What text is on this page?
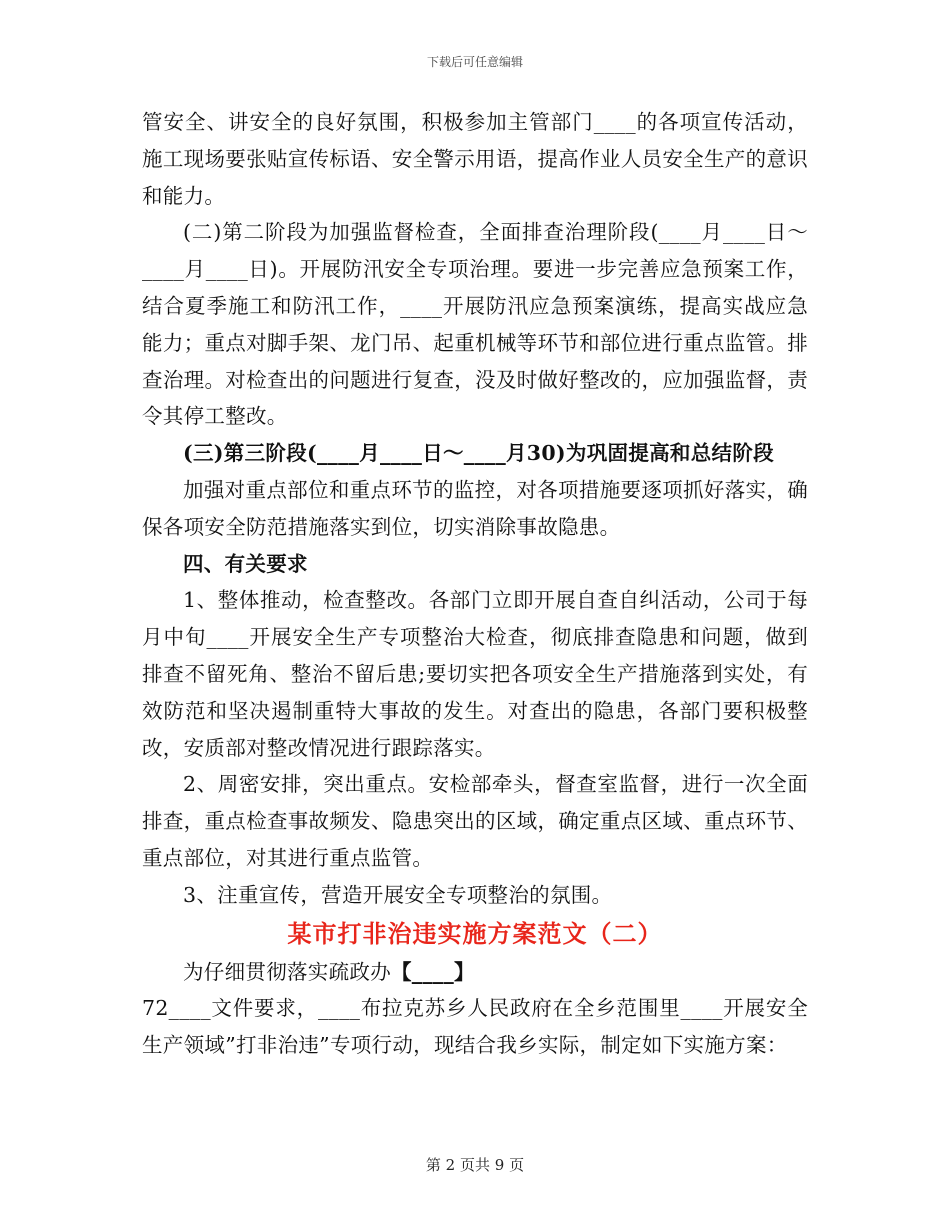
下载后可任意编辑

管安全、讲安全的良好氛围，积极参加主管部门____的各项宣传活动，施工现场要张贴宣传标语、安全警示用语，提高作业人员安全生产的意识和能力。

(二)第二阶段为加强监督检查，全面排查治理阶段(____月____日～____月____日)。开展防汛安全专项治理。要进一步完善应急预案工作，结合夏季施工和防汛工作，____开展防汛应急预案演练，提高实战应急能力；重点对脚手架、龙门吊、起重机械等环节和部位进行重点监管。排查治理。对检查出的问题进行复查，没及时做好整改的，应加强监督，责令其停工整改。

(三)第三阶段(____月____日～____月30)为巩固提高和总结阶段

加强对重点部位和重点环节的监控，对各项措施要逐项抓好落实，确保各项安全防范措施落实到位，切实消除事故隐患。

四、有关要求

1、整体推动，检查整改。各部门立即开展自查自纠活动，公司于每月中旬____开展安全生产专项整治大检查，彻底排查隐患和问题，做到排查不留死角、整治不留后患;要切实把各项安全生产措施落到实处，有效防范和坚决遏制重特大事故的发生。对查出的隐患，各部门要积极整改，安质部对整改情况进行跟踪落实。

2、周密安排，突出重点。安检部牵头，督查室监督，进行一次全面排查，重点检查事故频发、隐患突出的区域，确定重点区域、重点环节、重点部位，对其进行重点监管。

3、注重宣传，营造开展安全专项整治的氛围。

某市打非治违实施方案范文（二）

为仔细贯彻落实疏政办【____】

72____文件要求，____布拉克苏乡人民政府在全乡范围里____开展安全生产领域”打非治违”专项行动，现结合我乡实际，制定如下实施方案：

第 2 页共 9 页
